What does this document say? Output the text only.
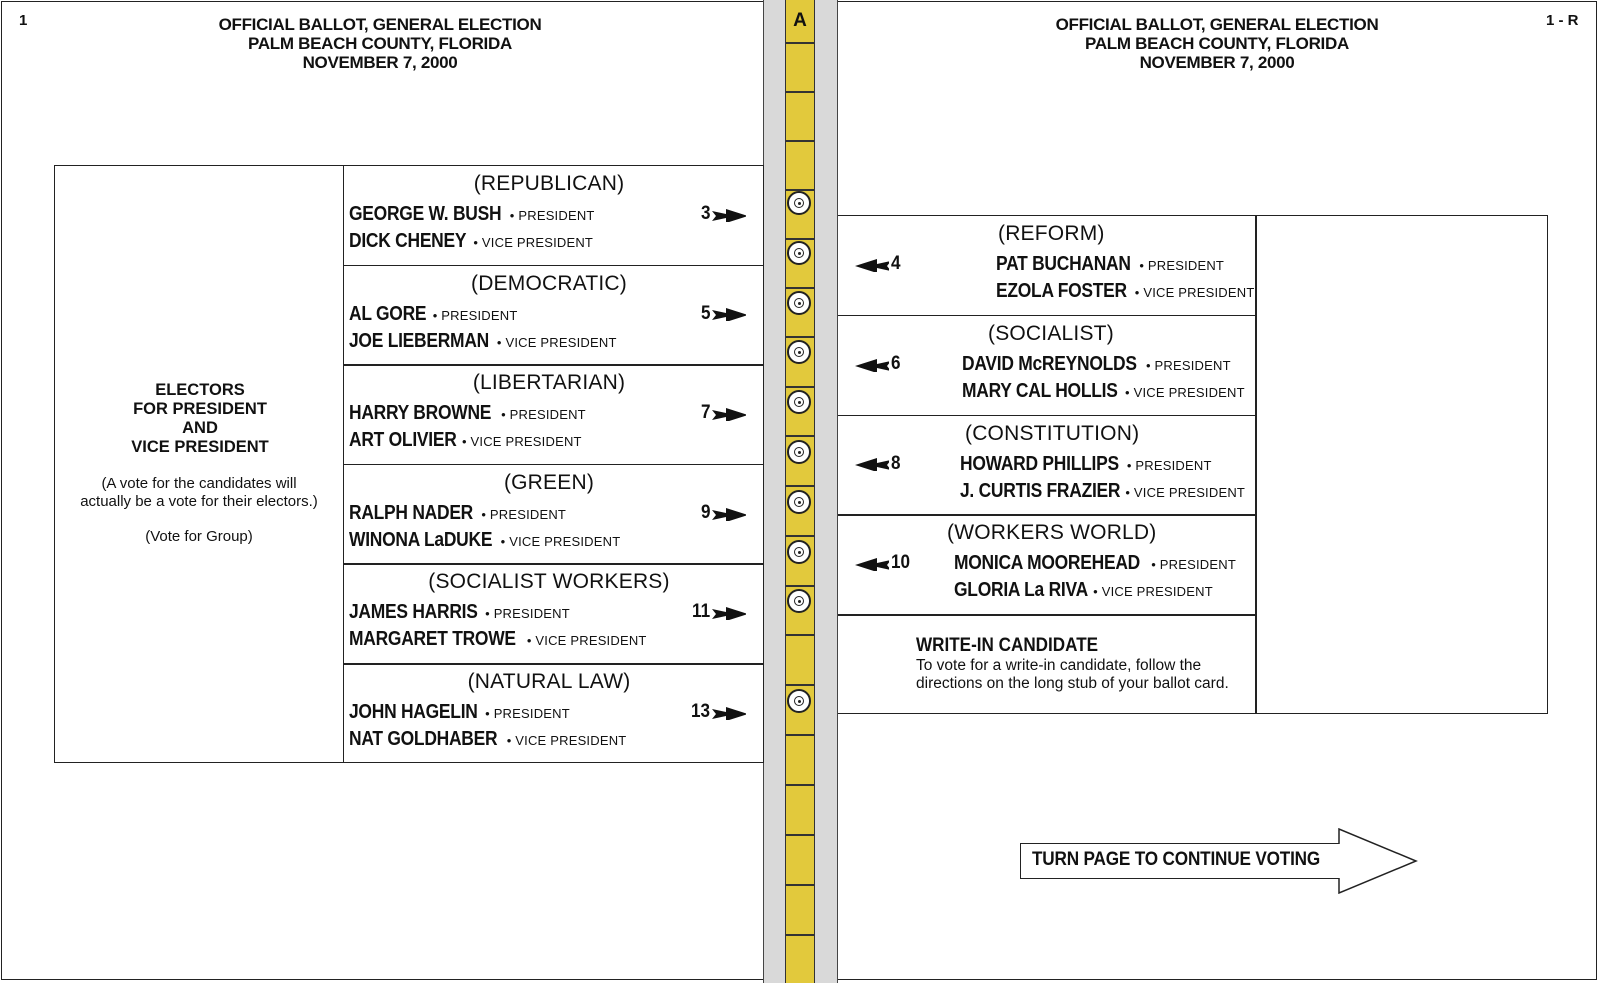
1	1 - R
OFFICIAL BALLOT, GENERAL ELECTION
PALM BEACH COUNTY, FLORIDA
NOVEMBER 7, 2000
OFFICIAL BALLOT, GENERAL ELECTION
PALM BEACH COUNTY, FLORIDA
NOVEMBER 7, 2000
A
ELECTORS
FOR PRESIDENT
AND
VICE PRESIDENT
(A vote for the candidates will
actually be a vote for their electors.)
(Vote for Group)
(REPUBLICAN)
GEORGE W. BUSH • PRESIDENT
DICK CHENEY • VICE PRESIDENT
3
(DEMOCRATIC)
AL GORE • PRESIDENT
JOE LIEBERMAN • VICE PRESIDENT
5
(LIBERTARIAN)
HARRY BROWNE • PRESIDENT
ART OLIVIER • VICE PRESIDENT
7
(GREEN)
RALPH NADER • PRESIDENT
WINONA LaDUKE • VICE PRESIDENT
9
(SOCIALIST WORKERS)
JAMES HARRIS • PRESIDENT
MARGARET TROWE • VICE PRESIDENT
11
(NATURAL LAW)
JOHN HAGELIN • PRESIDENT
NAT GOLDHABER • VICE PRESIDENT
13
(REFORM)
PAT BUCHANAN • PRESIDENT
EZOLA FOSTER • VICE PRESIDENT
4
(SOCIALIST)
DAVID McREYNOLDS • PRESIDENT
MARY CAL HOLLIS • VICE PRESIDENT
6
(CONSTITUTION)
HOWARD PHILLIPS • PRESIDENT
J. CURTIS FRAZIER • VICE PRESIDENT
8
(WORKERS WORLD)
MONICA MOOREHEAD • PRESIDENT
GLORIA La RIVA • VICE PRESIDENT
10
WRITE-IN CANDIDATE
To vote for a write-in candidate, follow the
directions on the long stub of your ballot card.
TURN PAGE TO CONTINUE VOTING
